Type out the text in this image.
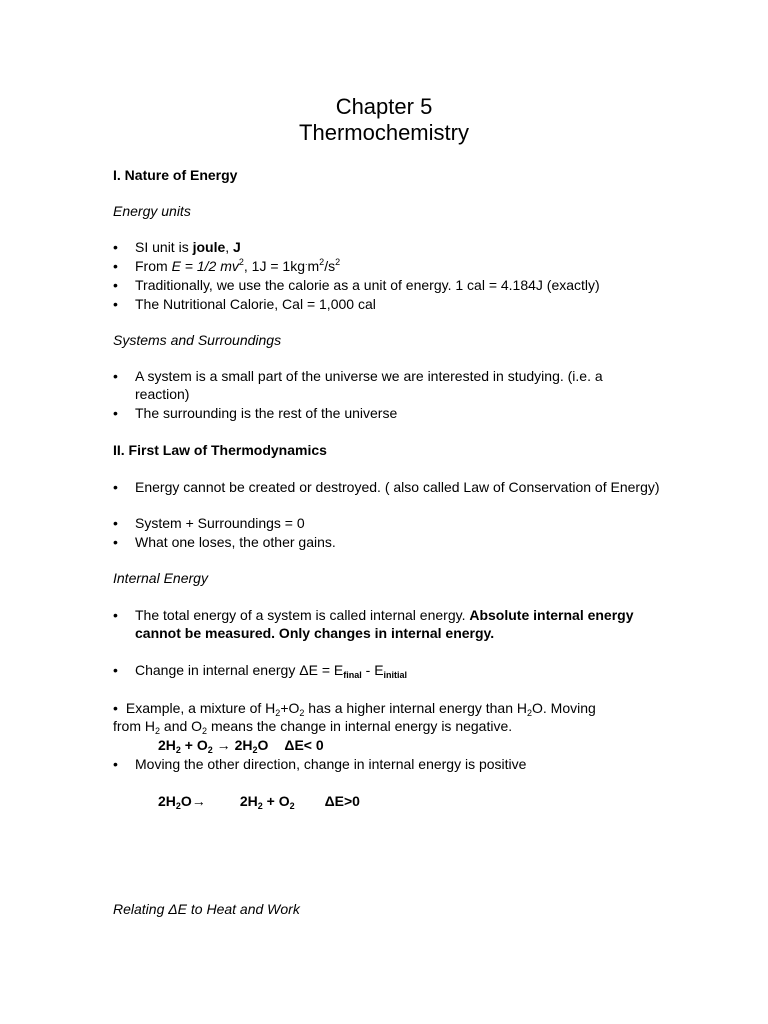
Chapter 5
Thermochemistry
I. Nature of Energy
Energy units
• SI unit is joule, J
• From E = 1/2 $mv^2$, $1J = 1kg^.m^2/s^2$
• Traditionally, we use the calorie as a unit of energy. 1 cal = 4.184J (exactly)
• The Nutritional Calorie, Cal = 1,000 cal
Systems and Surroundings
• A system is a small part of the universe we are interested in studying. (i.e. a reaction)
• The surrounding is the rest of the universe
II. First Law of Thermodynamics
• Energy cannot be created or destroyed. ( also called Law of Conservation of Energy)
• System + Surroundings = 0
• What one loses, the other gains.
Internal Energy
• The total energy of a system is called internal energy. Absolute internal energy cannot be measured. Only changes in internal energy.
• Change in internal energy $\Delta E = E_{final} - E_{initial}$
• Example, a mixture of $H_2+O_2$ has a higher internal energy than $H_2O$. Moving
from $H_2$ and $O_2$ means the change in internal energy is negative.
$2H_2 + O_2 \to 2H_2O$ ΔE< 0
• Moving the other direction, change in internal energy is positive
$2H_2O\to 2H_2 + O_2$ ΔE>0
Relating ΔE to Heat and Work
